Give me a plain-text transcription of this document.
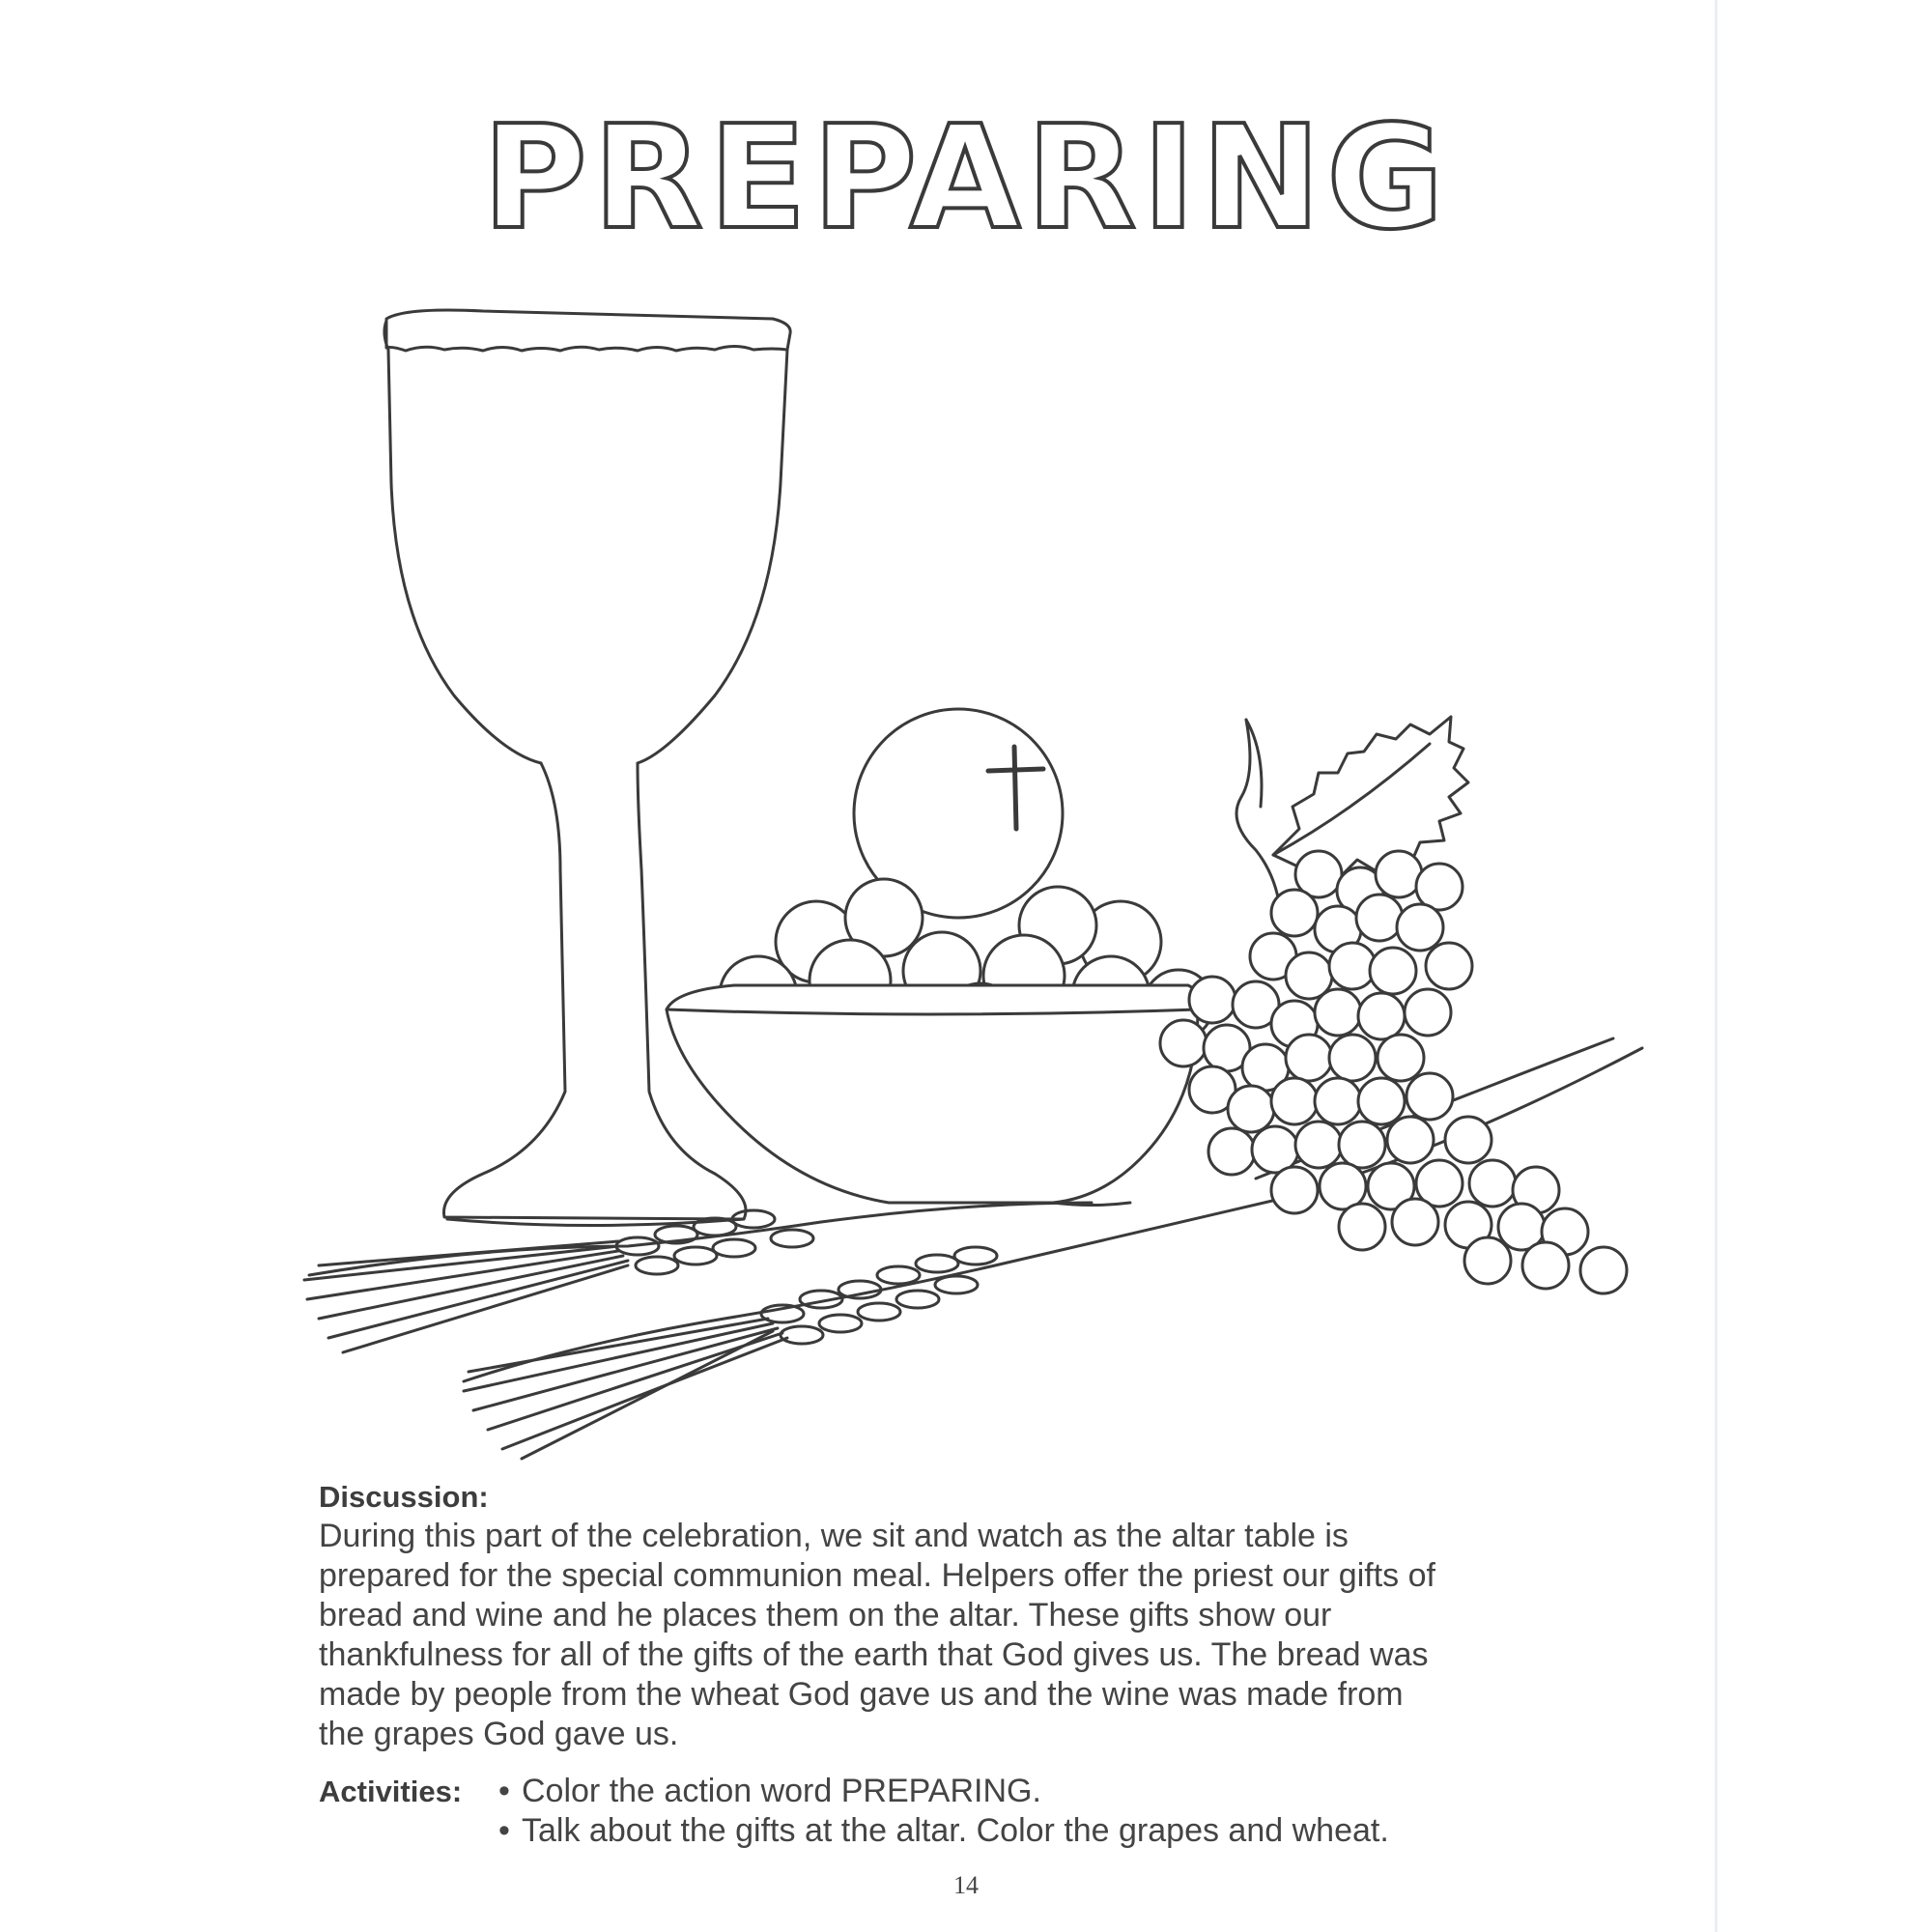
PREPARING
Discussion:

During this part of the celebration, we sit and watch as the altar table is

prepared for the special communion meal. Helpers offer the priest our gifts of

bread and wine and he places them on the altar. These gifts show our

thankfulness for all of the gifts of the earth that God gives us. The bread was

made by people from the wheat God gave us and the wine was made from

the grapes God gave us.

Activities:
•	Color the action word PREPARING.
• Talk about the gifts at the altar. Color the grapes and wheat.
14
